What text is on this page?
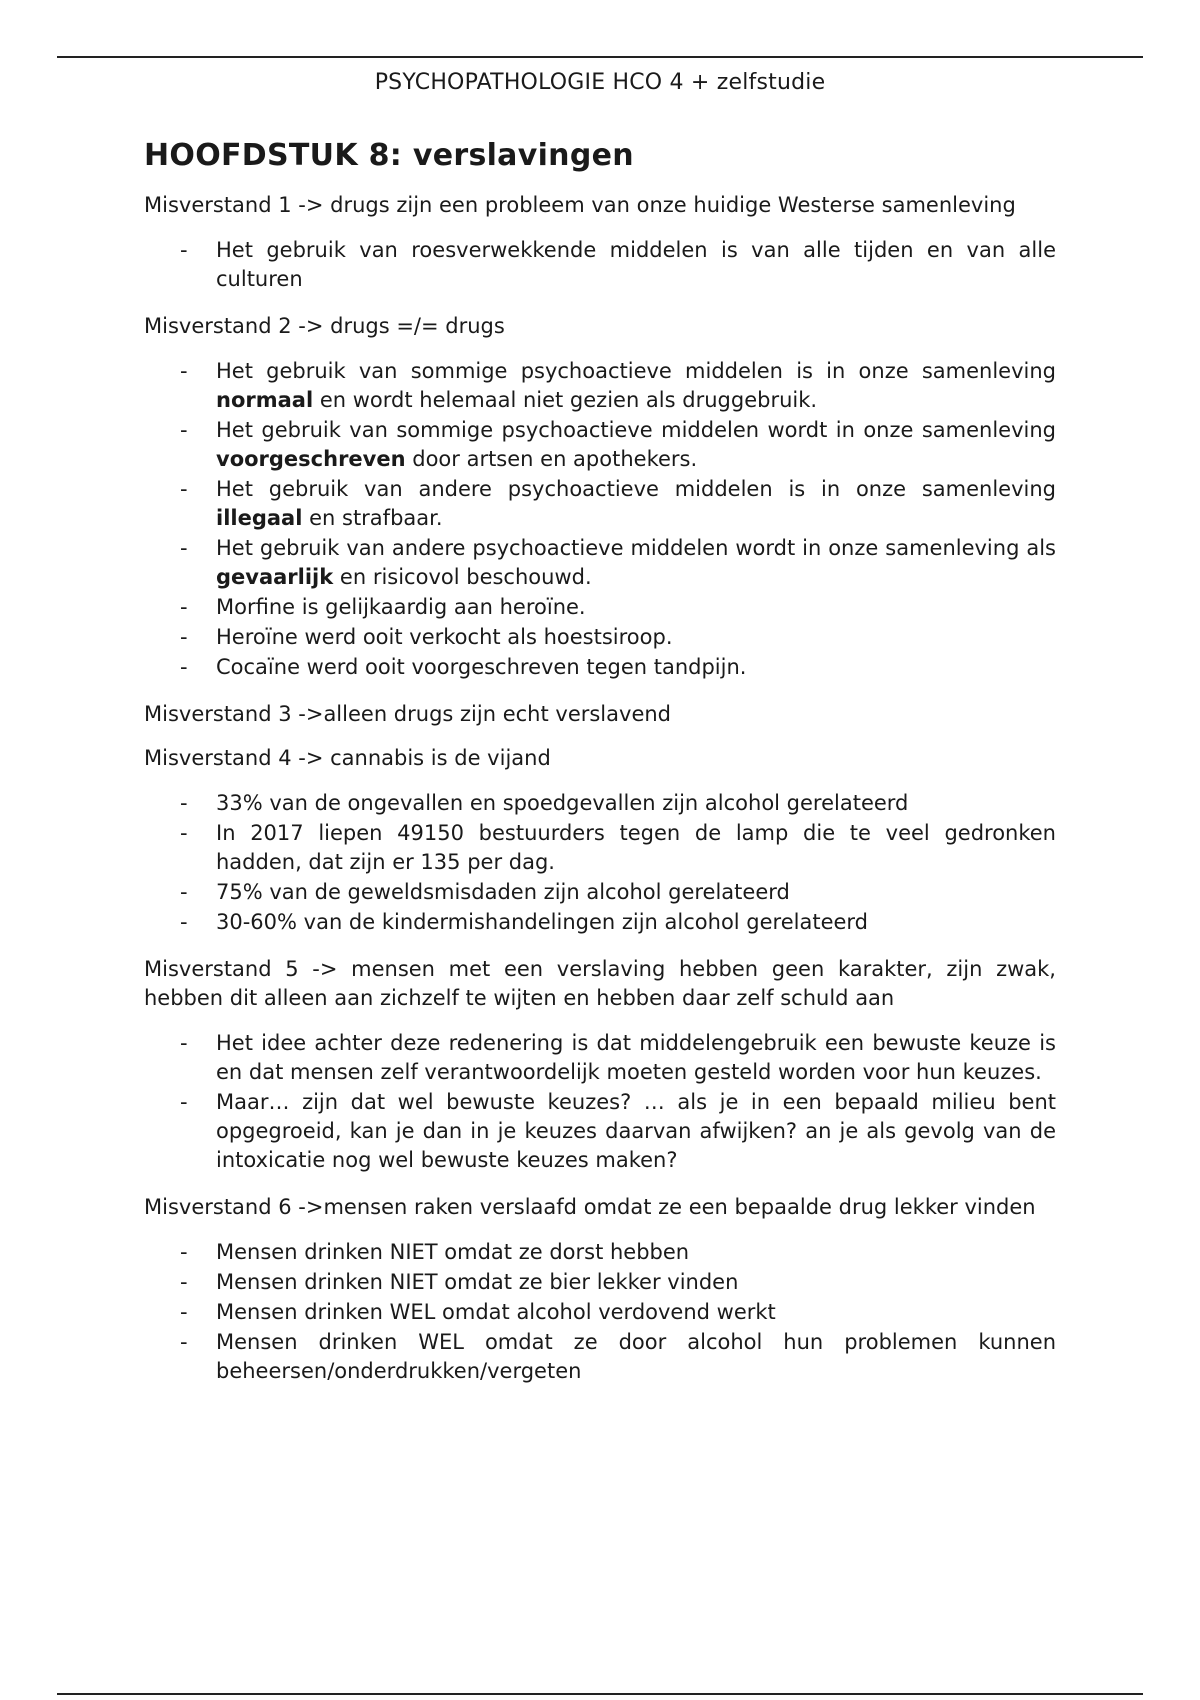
PSYCHOPATHOLOGIE HCO 4 + zelfstudie
HOOFDSTUK 8: verslavingen
Misverstand 1 -> drugs zijn een probleem van onze huidige Westerse samenleving
- Het gebruik van roesverwekkende middelen is van alle tijden en van alle culturen
Misverstand 2 -> drugs =/= drugs
- Het gebruik van sommige psychoactieve middelen is in onze samenleving normaal en wordt helemaal niet gezien als druggebruik.
- Het gebruik van sommige psychoactieve middelen wordt in onze samenleving voorgeschreven door artsen en apothekers.
- Het gebruik van andere psychoactieve middelen is in onze samenleving illegaal en strafbaar.
- Het gebruik van andere psychoactieve middelen wordt in onze samenleving als gevaarlijk en risicovol beschouwd.
- Morfine is gelijkaardig aan heroïne.
- Heroïne werd ooit verkocht als hoestsiroop.
- Cocaïne werd ooit voorgeschreven tegen tandpijn.
Misverstand 3 ->alleen drugs zijn echt verslavend
Misverstand 4 -> cannabis is de vijand
- 33% van de ongevallen en spoedgevallen zijn alcohol gerelateerd
- In 2017 liepen 49150 bestuurders tegen de lamp die te veel gedronken hadden, dat zijn er 135 per dag.
- 75% van de geweldsmisdaden zijn alcohol gerelateerd
- 30-60% van de kindermishandelingen zijn alcohol gerelateerd
Misverstand 5 -> mensen met een verslaving hebben geen karakter, zijn zwak, hebben dit alleen aan zichzelf te wijten en hebben daar zelf schuld aan
- Het idee achter deze redenering is dat middelengebruik een bewuste keuze is en dat mensen zelf verantwoordelijk moeten gesteld worden voor hun keuzes.
- Maar… zijn dat wel bewuste keuzes? … als je in een bepaald milieu bent opgegroeid, kan je dan in je keuzes daarvan afwijken? an je als gevolg van de intoxicatie nog wel bewuste keuzes maken?
Misverstand 6 ->mensen raken verslaafd omdat ze een bepaalde drug lekker vinden
- Mensen drinken NIET omdat ze dorst hebben
- Mensen drinken NIET omdat ze bier lekker vinden
- Mensen drinken WEL omdat alcohol verdovend werkt
- Mensen drinken WEL omdat ze door alcohol hun problemen kunnen beheersen/onderdrukken/vergeten
